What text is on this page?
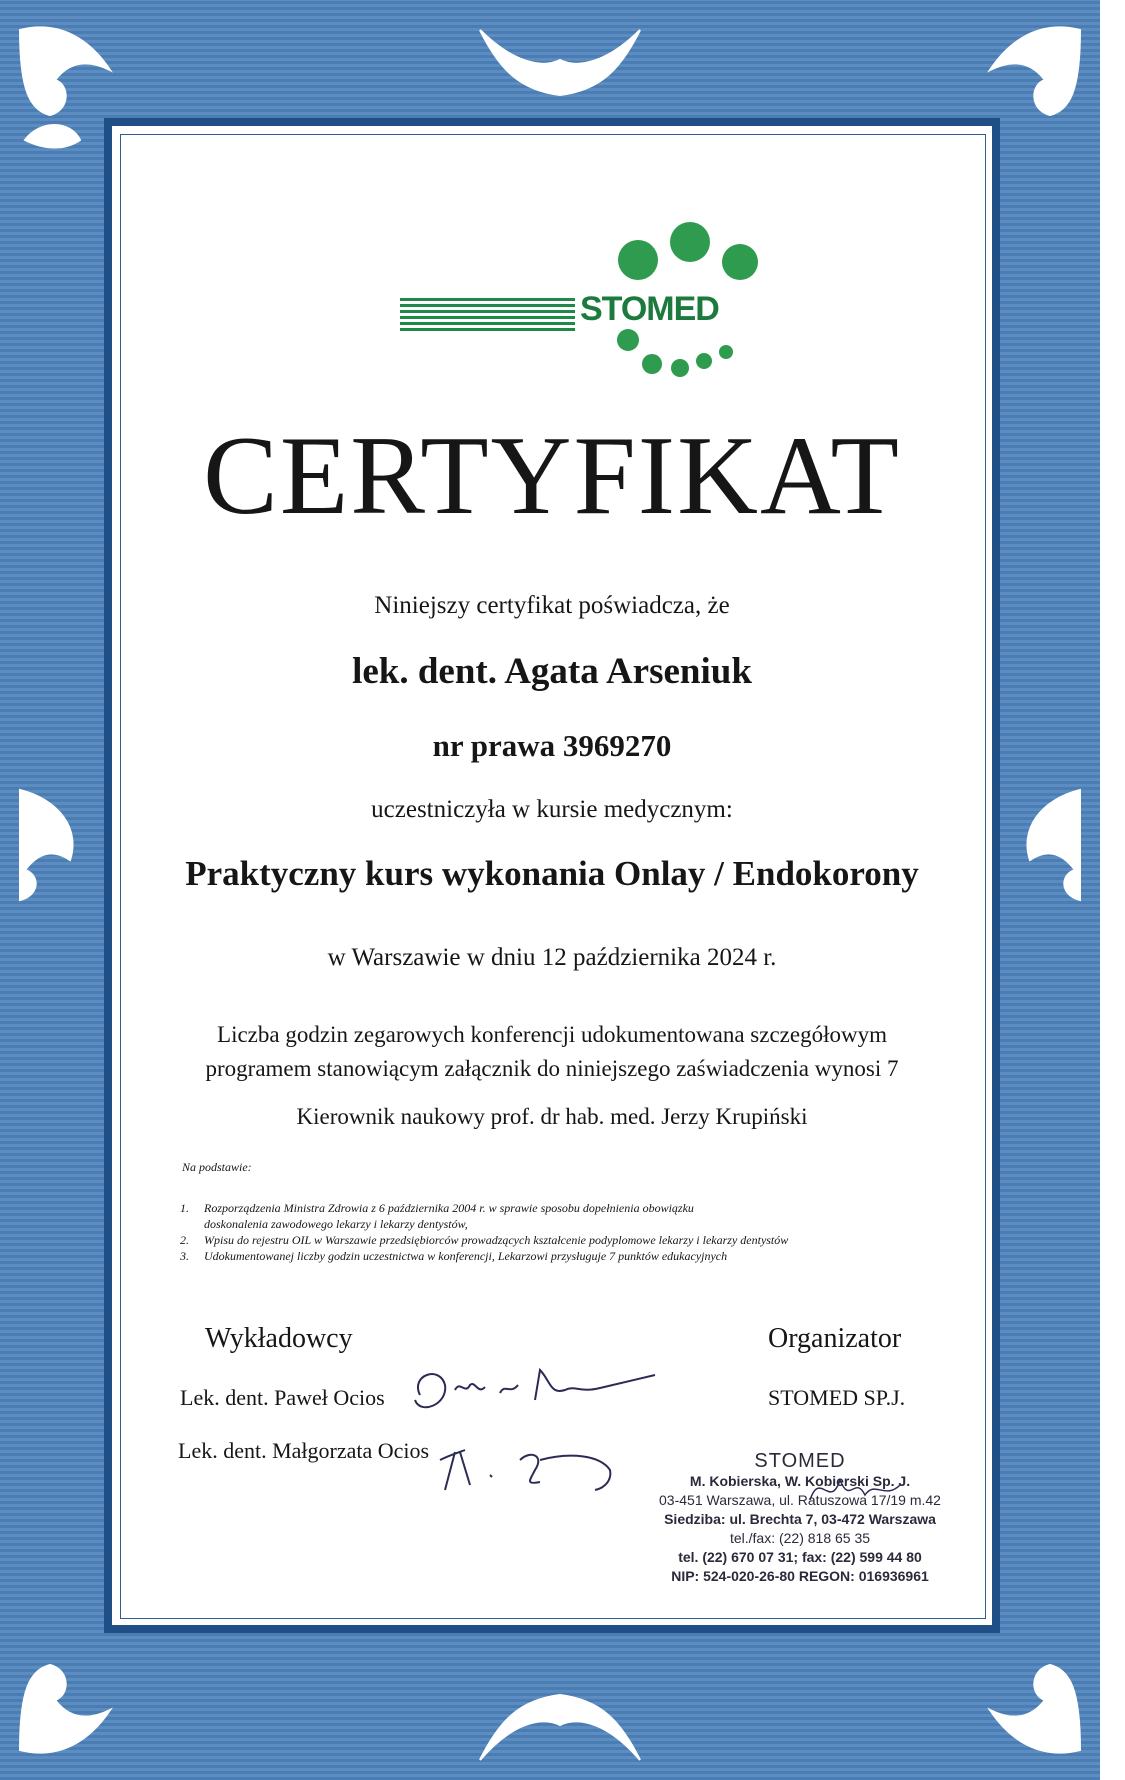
STOMED
CERTYFIKAT
Niniejszy certyfikat poświadcza, że
lek. dent. Agata Arseniuk
nr prawa 3969270
uczestniczyła w kursie medycznym:
Praktyczny kurs wykonania Onlay / Endokorony
w Warszawie w dniu 12 października 2024 r.
Liczba godzin zegarowych konferencji udokumentowana szczegółowym
programem stanowiącym załącznik do niniejszego zaświadczenia wynosi 7
Kierownik naukowy prof. dr hab. med. Jerzy Krupiński
Na podstawie:
1.	Rozporządzenia Ministra Zdrowia z 6 października 2004 r. w sprawie sposobu dopełnienia obowiązku
doskonalenia zawodowego lekarzy i lekarzy dentystów,
2.	Wpisu do rejestru OIL w Warszawie przedsiębiorców prowadzących kształcenie podyplomowe lekarzy i lekarzy dentystów
3.	Udokumentowanej liczby godzin uczestnictwa w konferencji, Lekarzowi przysługuje 7 punktów edukacyjnych
Wykładowcy	Organizator
Lek. dent. Paweł Ocios
Lek. dent. Małgorzata Ocios
STOMED SP.J.
STOMED
M. Kobierska, W. Kobierski Sp. J.
03-451 Warszawa, ul. Ratuszowa 17/19 m.42
Siedziba: ul. Brechta 7, 03-472 Warszawa
tel./fax: (22) 818 65 35
tel. (22) 670 07 31; fax: (22) 599 44 80
NIP: 524-020-26-80 REGON: 016936961
